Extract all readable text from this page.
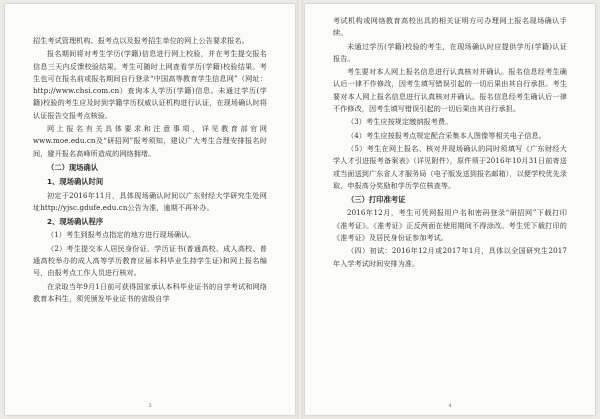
招生考试管理机构、报考点以及报考招生单位的网上公告要求报名。

报名期间将对考生学历(学籍)信息进行网上校验，并在考生提交报名信息三天内反馈校验结果。考生可随时上网查看学历(学籍)校验结果。考生也可在报名前或报名期间自行登录“中国高等教育学生信息网”（网址：http://www.chsi.com.cn）查询本人学历(学籍)信息。未通过学历(学籍)校验的考生应及时到学籍学历权威认证机构进行认证，在现场确认时将认证报告交报考点核验。

网上报名有关具体要求和注意事项，详见教育部官网www.moe.edu.cn及“研招网”报考须知，建议广大考生合理安排报名时间，避开报名高峰所造成的网络拥堵。

（二）现场确认

1、现场确认时间

初定于2016年11月，具体现场确认时间以广东财经大学研究生处网址http://yjsc.gdufe.edu.cn公告为准，逾期不再补办。

2、现场确认程序

（1）考生到报考点指定的地方进行现场确认。

（2）考生提交本人居民身份证、学历证书(普通高校、成人高校、普通高校举办的成人高等学历教育应届本科毕业生持学生证)和网上报名编号，由报考点工作人员进行核对。

在录取当年9月1日前可获得国家承认本科毕业证书的自学考试和网络教育本科生，须凭颁发毕业证书的省级自学

3

考试机构或网络教育高校出具的相关证明方可办理网上报名现场确认手续。

未通过学历(学籍)校验的考生，在现场确认时应提供学历(学籍)认证报告。

考生要对本人网上报名信息进行认真核对并确认。报名信息经考生确认后一律不作修改，因考生填写错误引起的一切后果由其自行承担。考生要对本人网上报名信息进行认真核对并确认。报名信息经考生确认后一律不作修改，因考生填写错误引起的一切后果由其自行承担。

（3）考生应按规定缴纳报考费。

（4）考生应按报考点规定配合采集本人图像等相关电子信息。

（5）考生在网上报名、核对并现场确认的同时须填写《广东财经大学人才引进报考备案表》（详见附件），原件须于2016年10月31日前寄送或当面送到广东省人才服务局（电子版发送到报名邮箱），以便学校优先录取、申报高分奖励和学历学位核查等。

（三）打印准考证

2016年12月，考生可凭网报用户名和密码登录“研招网”下载打印《准考证》。《准考证》正反两面在使用期间不得涂改。考生凭下载打印的《准考证》及居民身份证参加考试。

（四）初试：2016年12月或2017年1月，具体以全国研究生2017年入学考试时间安排为准。

4
